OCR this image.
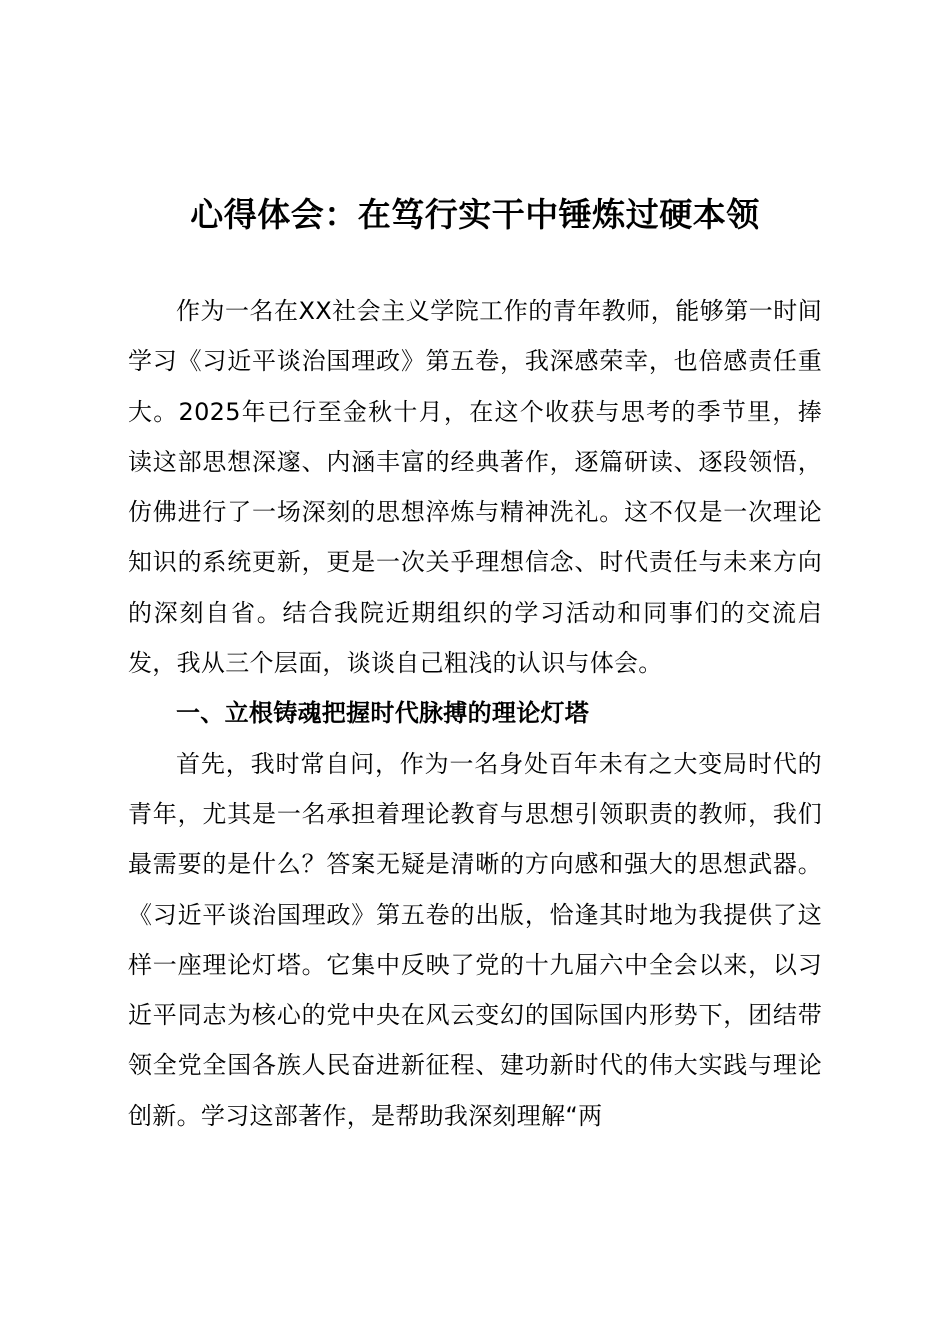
心得体会：在笃行实干中锤炼过硬本领

作为一名在XX社会主义学院工作的青年教师，能够第一时间学习《习近平谈治国理政》第五卷，我深感荣幸，也倍感责任重大。2025年已行至金秋十月，在这个收获与思考的季节里，捧读这部思想深邃、内涵丰富的经典著作，逐篇研读、逐段领悟，仿佛进行了一场深刻的思想淬炼与精神洗礼。这不仅是一次理论知识的系统更新，更是一次关乎理想信念、时代责任与未来方向的深刻自省。结合我院近期组织的学习活动和同事们的交流启发，我从三个层面，谈谈自己粗浅的认识与体会。

一、立根铸魂把握时代脉搏的理论灯塔

首先，我时常自问，作为一名身处百年未有之大变局时代的青年，尤其是一名承担着理论教育与思想引领职责的教师，我们最需要的是什么？答案无疑是清晰的方向感和强大的思想武器。《习近平谈治国理政》第五卷的出版，恰逢其时地为我提供了这样一座理论灯塔。它集中反映了党的十九届六中全会以来，以习近平同志为核心的党中央在风云变幻的国际国内形势下，团结带领全党全国各族人民奋进新征程、建功新时代的伟大实践与理论创新。学习这部著作，是帮助我深刻理解“两
